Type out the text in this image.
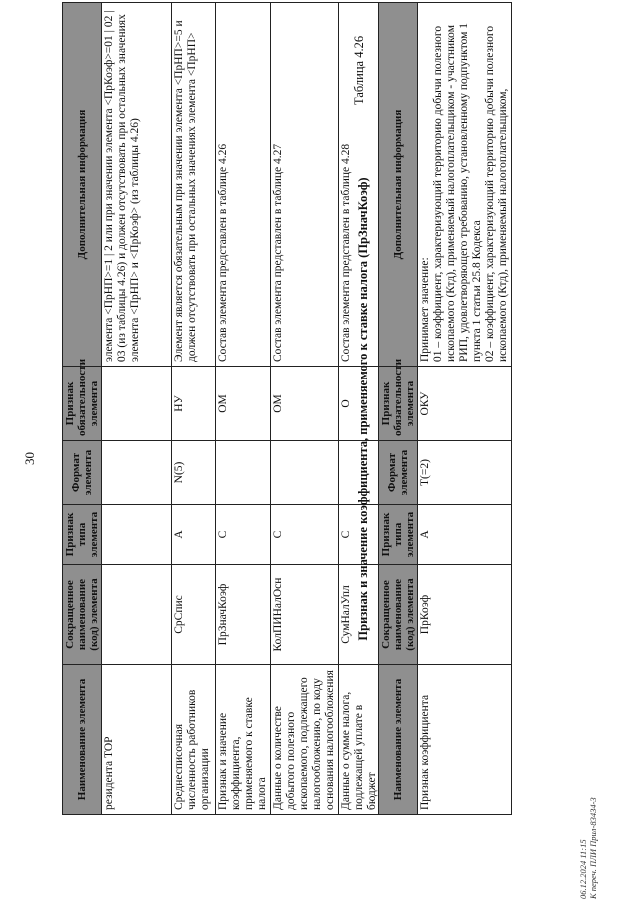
30
Наименование элемента	Сокращенное наименование (код) элемента	Признак типа элемента	Формат элемента	Признак обязательности элемента	Дополнительная информация
резидента ТОР					элемента <ПрНП>=1 | 2 или при значении элемента <ПрКоэф>=01 | 02 | 03 (из таблицы 4.26) и должен отсутствовать при остальных значениях элемента <ПрНП> и <ПрКоэф> (из таблицы 4.26)
Среднесписочная численность работников организации	СрСпис	А	N(5)	НУ	Элемент является обязательным при значении элемента <ПрНП>=5 и должен отсутствовать при остальных значениях элемента <ПрНП>
Признак и значение коэффициента, применяемого к ставке налога	ПрЗначКоэф	С		ОМ	Состав элемента представлен в таблице 4.26
Данные о количестве добытого полезного ископаемого, подлежащего налогообложению, по коду основания налогообложения	КолПИНалОсн	С		ОМ	Состав элемента представлен в таблице 4.27
Данные о сумме налога, подлежащей уплате в бюджет	СумНалУпл	С		О	Состав элемента представлен в таблице 4.28
Таблица 4.26
Признак и значение коэффициента, применяемого к ставке налога (ПрЗначКоэф)
Наименование элемента	Сокращенное наименование (код) элемента	Признак типа элемента	Формат элемента	Признак обязательности элемента	Дополнительная информация
Признак коэффициента	ПрКоэф	А	T(=2)	ОКУ	Принимает значение: 01 – коэффициент, характеризующий территорию добычи полезного ископаемого (Ктд), применяемый налогоплательщиком - участником РИП, удовлетворяющего требованию, установленному подпунктом 1 пункта 1 статьи 25.8 Кодекса 02 – коэффициент, характеризующий территорию добычи полезного ископаемого (Ктд), применяемый налогоплательщиком,
06.12.2024 11:15 К переч. ПЛИ Прил-83434-3
